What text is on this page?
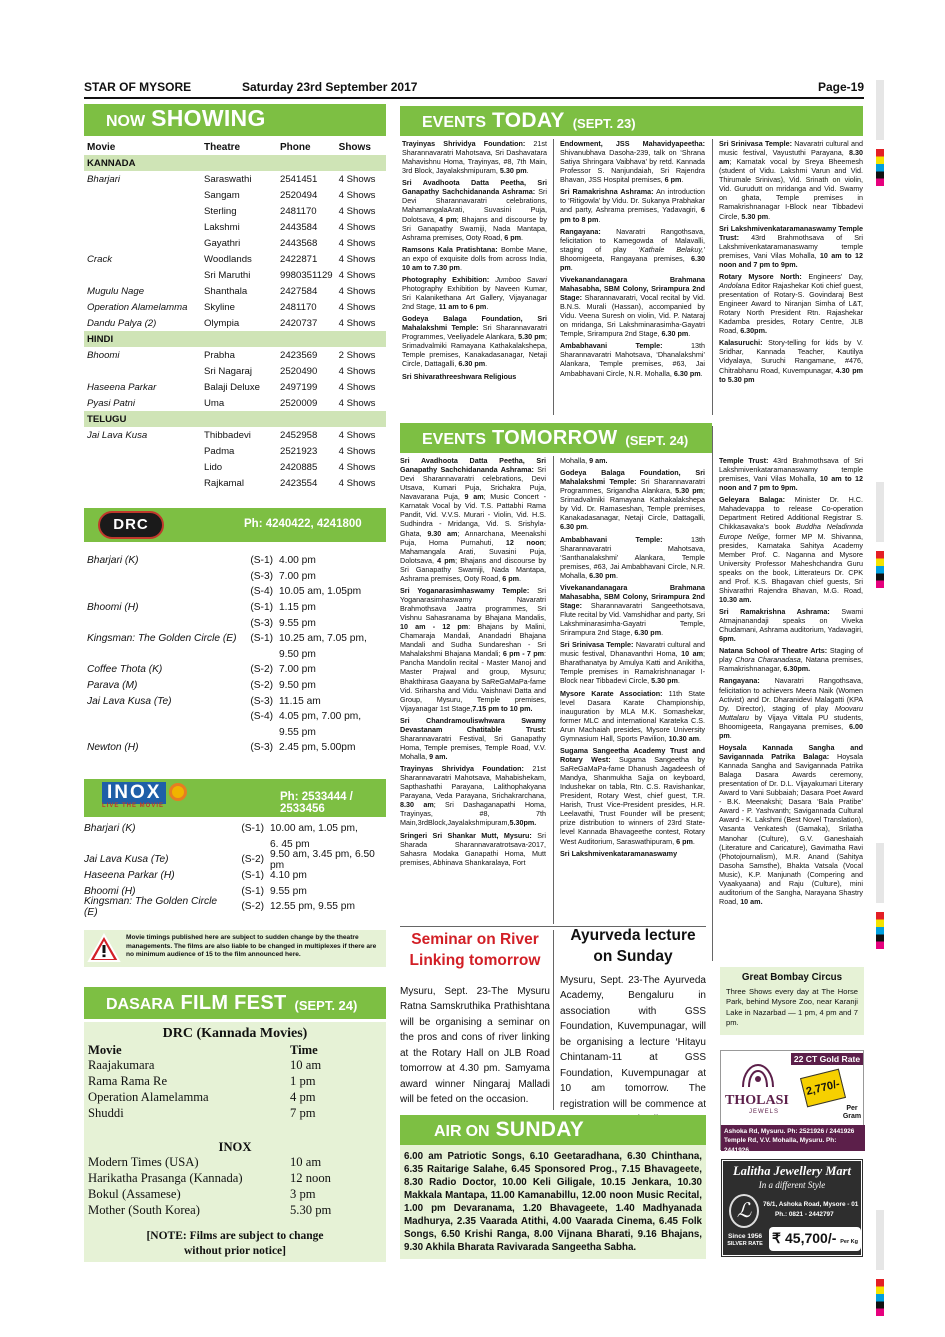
STAR OF MYSORE	Saturday 23rd September 2017	Page-19
NOW SHOWING
Movie	Theatre	Phone	Shows
KANNADA			
Bharjari	Saraswathi	2541451	4 Shows
	Sangam	2520494	4 Shows
	Sterling	2481170	4 Shows
	Lakshmi	2443584	4 Shows
	Gayathri	2443568	4 Shows
Crack	Woodlands	2422871	4 Shows
	Sri Maruthi	9980351129	4 Shows
Mugulu Nage	Shanthala	2427584	4 Shows
Operation Alamelamma	Skyline	2481170	4 Shows
Dandu Palya (2)	Olympia	2420737	4 Shows
HINDI			
Bhoomi	Prabha	2423569	2 Shows
	Sri Nagaraj	2520490	4 Shows
Haseena Parkar	Balaji Deluxe	2497199	4 Shows
Pyasi Patni	Uma	2520009	4 Shows
TELUGU			
Jai Lava Kusa	Thibbadevi	2452958	4 Shows
	Padma	2521923	4 Shows
	Lido	2420885	4 Shows
	Rajkamal	2423554	4 Shows
DRC	Ph: 4240422, 4241800
Bharjari (K)	(S-1) 4.00 pm
(S-3) 7.00 pm
(S-4) 10.05 am, 1.05pm
Bhoomi (H)	(S-1) 1.15 pm
(S-3) 9.55 pm
Kingsman: The Golden Circle (E)	(S-1) 10.25 am, 7.05 pm,
9.50 pm
Coffee Thota (K)	(S-2) 7.00 pm
Parava (M)	(S-2) 9.50 pm
Jai Lava Kusa (Te)	(S-3) 11.15 am
(S-4) 4.05 pm, 7.00 pm,
9.55 pm
Newton (H)	(S-3) 2.45 pm, 5.00pm
INOX
LIVE THE MOVIE
Ph: 2533444 / 2533456
Bharjari (K)	(S-1) 10.00 am, 1.05 pm,
6. 45 pm
Jai Lava Kusa (Te)	(S-2) 9.50 am, 3.45 pm, 6.50 pm
Haseena Parkar (H)	(S-1) 4.10 pm
Bhoomi (H)	(S-1) 9.55 pm
Kingsman: The Golden Circle (E)	(S-2) 12.55 pm, 9.55 pm
Movie timings published here are subject to sudden change by the theatre managements. The films are also liable to be changed in multiplexes if there are no minimum audience of 15 to the film announced here.
DASARA FILM FEST (SEPT. 24)
DRC (Kannada Movies)
Movie	Time
Raajakumara	10 am
Rama Rama Re	1 pm
Operation Alamelamma	4 pm
Shuddi	7 pm
INOX
Modern Times (USA)	10 am
Harikatha Prasanga (Kannada)	12 noon
Bokul (Assamese)	3 pm
Mother (South Korea)	5.30 pm
[NOTE: Films are subject to change
without prior notice]
EVENTS TODAY (SEPT. 23)

Trayinyas Shrividya Foundation: 21st Sharannavaratri Mahotsava, Sri Dashavatara Mahavishnu Homa, Trayinyas, #8, 7th Main, 3rd Block, Jayalakshmipuram, 5.30 pm.

Sri Avadhoota Datta Peetha, Sri Ganapathy Sachchidananda Ashrama: Sri Devi Sharannavaratri celebrations, MahamangalaArati, Suvasini Puja, Dolotsava, 4 pm; Bhajans and discourse by Sri Ganapathy Swamiji, Nada Mantapa, Ashrama premises, Ooty Road, 6 pm.

Ramsons Kala Pratishtana: Bombe Mane, an expo of exquisite dolls from across India, 10 am to 7.30 pm.

Photography Exhibition: Jumboo Savari Photography Exhibition by Naveen Kumar, Sri Kalanikethana Art Gallery, Vijayanagar 2nd Stage, 11 am to 6 pm.

Godeya Balaga Foundation, Sri Mahalakshmi Temple: Sri Sharannavaratri Programmes, Veeliyadele Alankara, 5.30 pm; Srimadvalmiki Ramayana Kathakalakshepa, Temple premises, Kanakadasanagar, Netaji Circle, Dattagalli, 6.30 pm.

Sri Shivarathreeshwara Religious

Endowment, JSS Mahavidyapeetha: Shivanubhava Dasoha-239, talk on ‘Shrana Satiya Shringara Vaibhava’ by retd. Kannada Professor S. Nanjundaiah, Sri Rajendra Bhavan, JSS Hospital premises, 6 pm.

Sri Ramakrishna Ashrama: An introduction to ‘Ritigowla’ by Vidu. Dr. Sukanya Prabhakar and party, Ashrama premises, Yadavagiri, 6 pm to 8 pm.

Rangayana: Navaratri Rangothsava, felicitation to Kamegowda of Malavalli, staging of play ‘Kathale Belakuy,’ Bhoomigeeta, Rangayana premises, 6.30 pm.

Vivekanandanagara Brahmana Mahasabha, SBM Colony, Srirampura 2nd Stage: Sharannavaratri, Vocal recital by Vid. B.N.S. Murali (Hassan), accompanied by Vidu. Veena Suresh on violin, Vid. P. Nataraj on mridanga, Sri Lakshminarasimha-Gayatri Temple, Srirampura 2nd Stage, 6.30 pm.

Ambabhavani Temple: 13th Sharannavaratri Mahotsava, ‘Dhanalakshmi’ Alankara, Temple premises, #63, Jai Ambabhavani Circle, N.R. Mohalla, 6.30 pm.

Sri Srinivasa Temple: Navaratri cultural and music festival, Vayustuthi Parayana, 8.30 am; Karnatak vocal by Sreya Bheemesh (student of Vidu. Lakshmi Varun and Vid. Thirumale Srinivas), Vid. Srinath on violin, Vid. Gurudutt on mridanga and Vid. Swamy on ghata, Temple premises in Ramakrishnanagar I-Block near Tibbadevi Circle, 5.30 pm.

Sri Lakshmivenkataramanaswamy Temple Trust: 43rd Brahmothsava of Sri Lakshmivenkataramanaswamy temple premises, Vani Vilas Mohalla, 10 am to 12 noon and 7 pm to 9pm.

Rotary Mysore North: Engineers’ Day, Andolana Editor Rajashekar Koti chief guest, presentation of Rotary-S. Govindaraj Best Engineer Award to Niranjan Simha of L&T, Rotary North President Rtn. Rajashekar Kadamba presides, Rotary Centre, JLB Road, 6.30pm.

Kalasuruchi: Story-telling for kids by V. Sridhar, Kannada Teacher, Kautilya Vidyalaya, Suruchi Rangamane, #476, Chitrabhanu Road, Kuvempunagar, 4.30 pm to 5.30 pm

EVENTS TOMORROW (SEPT. 24)

Sri Avadhoota Datta Peetha, Sri Ganapathy Sachchidananda Ashrama: Sri Devi Sharannavaratri celebrations, Devi Utsava, Kumari Puja, Srichakra Puja, Navavarana Puja, 9 am; Music Concert - Karnatak Vocal by Vid. T.S. Pattabhi Rama Pandit, Vid. V.V.S. Murari - Violin, Vid. H.S. Sudhindra - Mridanga, Vid. S. Srishyla- Ghata, 9.30 am; Annarchana, Meenakshi Puja, Homa Purnahuti, 12 noon; Mahamangala Arati, Suvasini Puja, Dolotsava, 4 pm; Bhajans and discourse by Sri Ganapathy Swamiji, Nada Mantapa, Ashrama premises, Ooty Road, 6 pm.

Sri Yoganarasimhaswamy Temple: Sri Yoganarasimhaswamy Navaratri Brahmothsava Jaatra programmes, Sri Vishnu Sahasranama by Bhajana Mandalis, 10 am - 12 pm: Bhajans by Malini, Chamaraja Mandali, Anandadri Bhajana Mandali and Sudha Sundareshan - Sri Mahalakshmi Bhajana Mandali; 6 pm - 7 pm: Pancha Mandolin recital - Master Manoj and Master Prajwal and group, Mysuru; Bhakthirasa Gaayana by SaReGaMaPa-fame Vid. Sriharsha and Vidu. Vaishnavi Datta and Group, Mysuru, Temple premises, Vijayanagar 1st Stage,7.15 pm to 10 pm.

Sri Chandramouliswhwara Swamy Devastanam Chatitable Trust: Sharannavaratri Festival, Sri Ganapathy Homa, Temple premises, Temple Road, V.V. Mohalla, 9 am.

Trayinyas Shrividya Foundation: 21st Sharannavaratri Mahotsava, Mahabishekam, Sapthashathi Parayana, Lalithophakyana Parayana, Veda Parayana, Srichakrarchana, 8.30 am; Sri Dashaganapathi Homa, Trayinyas, #8, 7th Main,3rdBlock,Jayalakshmipuram,5.30pm.

Sringeri Sri Shankar Mutt, Mysuru: Sri Sharada Sharannavaratrotsava-2017, Sahasra Modaka Ganapathi Homa, Mutt premises, Abhinava Shankaralaya, Fort

Mohalla, 9 am.

Godeya Balaga Foundation, Sri Mahalakshmi Temple: Sri Sharannavaratri Programmes, Srigandha Alankara, 5.30 pm; Srimadvalmiki Ramayana Kathakalakshepa by Vid. Dr. Ramaseshan, Temple premises, Kanakadasanagar, Netaji Circle, Dattagalli, 6.30 pm.

Ambabhavani Temple: 13th Sharannavaratri Mahotsava, ‘Santhanalakshmi’ Alankara, Temple premises, #63, Jai Ambabhavani Circle, N.R. Mohalla, 6.30 pm.

Vivekanandanagara Brahmana Mahasabha, SBM Colony, Srirampura 2nd Stage: Sharannavaratri Sangeethotsava, Flute recital by Vid. Vamshidhar and party, Sri Lakshminarasimha-Gayatri Temple, Srirampura 2nd Stage, 6.30 pm.

Sri Srinivasa Temple: Navaratri cultural and music festival, Dhanavanthri Homa, 10 am; Bharathanatya by Amulya Katti and Anikitha, Temple premises in Ramakrishnanagar I-Block near Tibbadevi Circle, 5.30 pm.

Mysore Karate Association: 11th State level Dasara Karate Championship, inauguration by MLA M.K. Somashekar, former MLC and international Karateka C.S. Arun Machaiah presides, Mysore University Gymnasium Hall, Sports Pavilion, 10.30 am.

Sugama Sangeetha Academy Trust and Rotary West: Sugama Sangeetha by SaReGaMaPa-fame Dhanush Jagadeesh of Mandya, Shanmukha Sajja on keyboard, Indushekar on tabla, Rtn. C.S. Ravishankar, President, Rotary West, chief guest, T.R. Harish, Trust Vice-President presides, H.R. Leelavathi, Trust Founder will be present; prize distribution to winners of 23rd State-level Kannada Bhavageethe contest, Rotary West Auditorium, Saraswathipuram, 6 pm.

Sri Lakshmivenkataramanaswamy

Temple Trust: 43rd Brahmothsava of Sri Lakshmivenkataramanaswamy temple premises, Vani Vilas Mohalla, 10 am to 12 noon and 7 pm to 9pm.

Geleyara Balaga: Minister Dr. H.C. Mahadevappa to release Co-operation Department Retired Additional Registrar S. Chikkasavaka’s book Buddha Neladinnda Europe Nelige, former MP M. Shivanna, presides, Karnataka Sahitya Academy Member Prof. C. Naganna and Mysore University Professor Maheshchandra Guru speaks on the book, Litterateurs Dr. CPK and Prof. K.S. Bhagavan chief guests, Sri Shivarathri Rajendra Bhavan, M.G. Road, 10.30 am.

Sri Ramakrishna Ashrama: Swami Atmajnanandaji speaks on Viveka Chudamani, Ashrama auditorium, Yadavagiri, 6pm.

Natana School of Theatre Arts: Staging of play Chora Charanadasa, Natana premises, Ramakrishnanagar, 6.30pm.

Rangayana: Navaratri Rangothsava, felicitation to achievers Meera Naik (Women Activist) and Dr. Dharanidevi Malagatti (KPA Dy. Director), staging of play Moovaru Muttalaru by Vijaya Vittala PU students, Bhoomigeeta, Rangayana premises, 6.00 pm.

Hoysala Kannada Sangha and Savigannada Patrika Balaga: Hoysala Kannada Sangha and Savigannada Patrika Balaga Dasara Awards ceremony, presentation of Dr. D.L. Vijayakumari Literary Award to Vani Subbaiah; Dasara Poet Award - B.K. Meenakshi; Dasara ‘Bala Pratibe’ Award - P. Yashvanth; Savigannada Cultural Award - K. Lakshmi (Best Novel Translation), Vasanta Venkatesh (Gamaka), Srilatha Manohar (Culture), G.V. Ganeshaiah (Literature and Caricature), Gavimatha Ravi (Photojournalism), M.R. Anand (Sahitya Dasoha Samsthe), Bhakta Vatsala (Vocal Music), K.P. Manjunath (Compering and Vyaakyaana) and Raju (Culture), mini auditorium of the Sangha, Narayana Shastry Road, 10 am.

Seminar on River
Linking tomorrow
Mysuru, Sept. 23-The Mysuru Ratna Samskruthika Prathishtana will be organising a seminar on the pros and cons of river linking at the Rotary Hall on JLB Road tomorrow at 4.30 pm. Samyama award winner Ningaraj Malladi will be feted on the occasion.
Ayurveda lecture
on Sunday
Mysuru, Sept. 23-The Ayurveda Academy, Bengaluru in association with GSS Foundation, Kuvempunagar, will be organising a lecture ‘Hitayu Chintanam-11 at GSS Foundation, Kuvempunagar at 10 am tomorrow. The registration will be commence at
AIR ON SUNDAY
6.00 am Patriotic Songs, 6.10 Geetaradhana, 6.30 Chinthana, 6.35 Raitarige Salahe, 6.45 Sponsored Prog., 7.15 Bhavageete, 8.30 Radio Doctor, 10.00 Keli Giligale, 10.15 Jenkara, 10.30 Makkala Mantapa, 11.00 Kamanabillu, 12.00 noon Music Recital, 1.00 pm Devaranama, 1.20 Bhavageete, 1.40 Madhyanada Madhurya, 2.35 Vaarada Atithi, 4.00 Vaarada Cinema, 6.45 Folk Songs, 6.50 Krishi Ranga, 8.00 Vijnana Bharati, 9.16 Bhajans, 9.30 Akhila Bharata Ravivarada Sangeetha Sabha.
Great Bombay Circus
Three Shows every day at The Horse Park, behind Mysore Zoo, near Karanji Lake in Nazarbad — 1 pm, 4 pm and 7 pm.
22 CT Gold Rate
THOLASI
JEWELS
2,770/-
Per Gram
Ashoka Rd, Mysuru. Ph: 2521926 / 2441926
Temple Rd, V.V. Mohalla, Mysuru. Ph: 2441926
Lalitha Jewellery Mart
In a different Style
ℒ	76/1, Ashoka Road, Mysore - 01
Ph.: 0821 - 2442797
Since 1956
SILVER RATE ₹ 45,700/- Per Kg
